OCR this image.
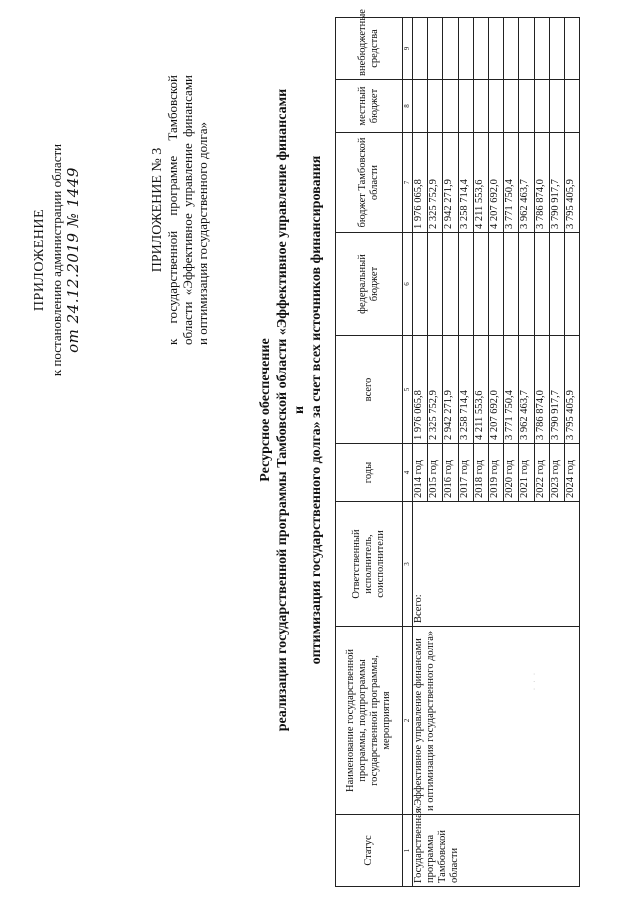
ПРИЛОЖЕНИЕ к постановлению администрации области от 24.12.2019 № 1449	ПРИЛОЖЕНИЕ № 3 к государственной программе Тамбовской области «Эффективное управление финансами и оптимизация государственного долга»
Ресурсное обеспечение реализации государственной программы Тамбовской области «Эффективное управление финансами и оптимизация государственного долга» за счет всех источников финансирования
Статус	Наименование государственной программы, подпрограммы государственной программы, мероприятия	Ответственный исполнитель, соисполнители	годы	всего	федеральный бюджет	бюджет Тамбовской области	местный бюджет	внебюджетные средства
1	2	3	4	5	6	7	8	9
Государственная программа Тамбовской области	«Эффективное управление финансами и оптимизация государственного долга»	Всего:	2014 год	1 976 065,8		1 976 065,8		
			2015 год	2 325 752,9		2 325 752,9		
			2016 год	2 942 271,9		2 942 271,9		
			2017 год	3 258 714,4		3 258 714,4		
			2018 год	4 211 553,6		4 211 553,6		
			2019 год	4 207 692,0		4 207 692,0		
			2020 год	3 771 750,4		3 771 750,4		
			2021 год	3 962 463,7		3 962 463,7		
			2022 год	3 786 874,0		3 786 874,0		
			2023 год	3 790 917,7		3 790 917,7		
			2024 год	3 795 405,9		3 795 405,9		
· · ·
